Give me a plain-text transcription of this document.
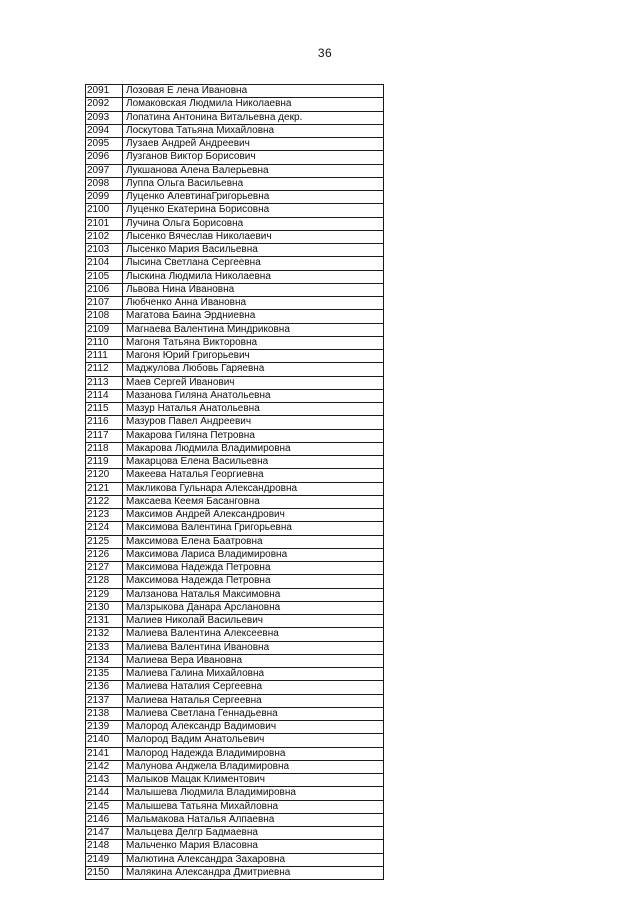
36
2091	Лозовая Е лена Ивановна
2092	Ломаковская Людмила Николаевна
2093	Лопатина Антонина Витальевна декр.
2094	Лоскутова Татьяна Михайловна
2095	Лузаев Андрей Андреевич
2096	Лузганов Виктор Борисович
2097	Лукшанова Алена Валерьевна
2098	Луппа Ольга Васильевна
2099	Луценко АлевтинаГригорьевна
2100	Луценко Екатерина Борисовна
2101	Лучина Ольга Борисовна
2102	Лысенко Вячеслав Николаевич
2103	Лысенко Мария Васильевна
2104	Лысина Светлана Сергеевна
2105	Лыскина Людмила Николаевна
2106	Львова Нина Ивановна
2107	Любченко Анна Ивановна
2108	Магатова Баина Эрдниевна
2109	Магнаева Валентина Миндриковна
2110	Магоня Татьяна Викторовна
2111	Магоня Юрий Григорьевич
2112	Маджулова Любовь Гаряевна
2113	Маев Сергей Иванович
2114	Мазанова Гиляна Анатольевна
2115	Мазур Наталья Анатольевна
2116	Мазуров Павел Андреевич
2117	Макарова Гиляна Петровна
2118	Макарова Людмила Владимировна
2119	Макарцова Елена Васильевна
2120	Макеева Наталья Георгиевна
2121	Макликова Гульнара Александровна
2122	Максаева Кеемя Басанговна
2123	Максимов Андрей Александрович
2124	Максимова Валентина Григорьевна
2125	Максимова Елена Баатровна
2126	Максимова Лариса Владимировна
2127	Максимова Надежда Петровна
2128	Максимова Надежда Петровна
2129	Малзанова Наталья Максимовна
2130	Малзрыкова Данара Арслановна
2131	Малиев Николай Васильевич
2132	Малиева Валентина Алексеевна
2133	Малиева Валентина Ивановна
2134	Малиева Вера Ивановна
2135	Малиева Галина Михайловна
2136	Малиева Наталия Сергеевна
2137	Малиева Наталья Сергеевна
2138	Малиева Светлана Геннадьевна
2139	Малород Александр Вадимович
2140	Малород Вадим Анатольевич
2141	Малород Надежда Владимировна
2142	Малунова Анджела Владимировна
2143	Малыков Мацак Климентович
2144	Малышева Людмила Владимировна
2145	Малышева Татьяна Михайловна
2146	Мальмакова Наталья Алпаевна
2147	Мальцева Делгр Бадмаевна
2148	Мальченко Мария Власовна
2149	Малютина Александра Захаровна
2150	Малякина Александра Дмитриевна
